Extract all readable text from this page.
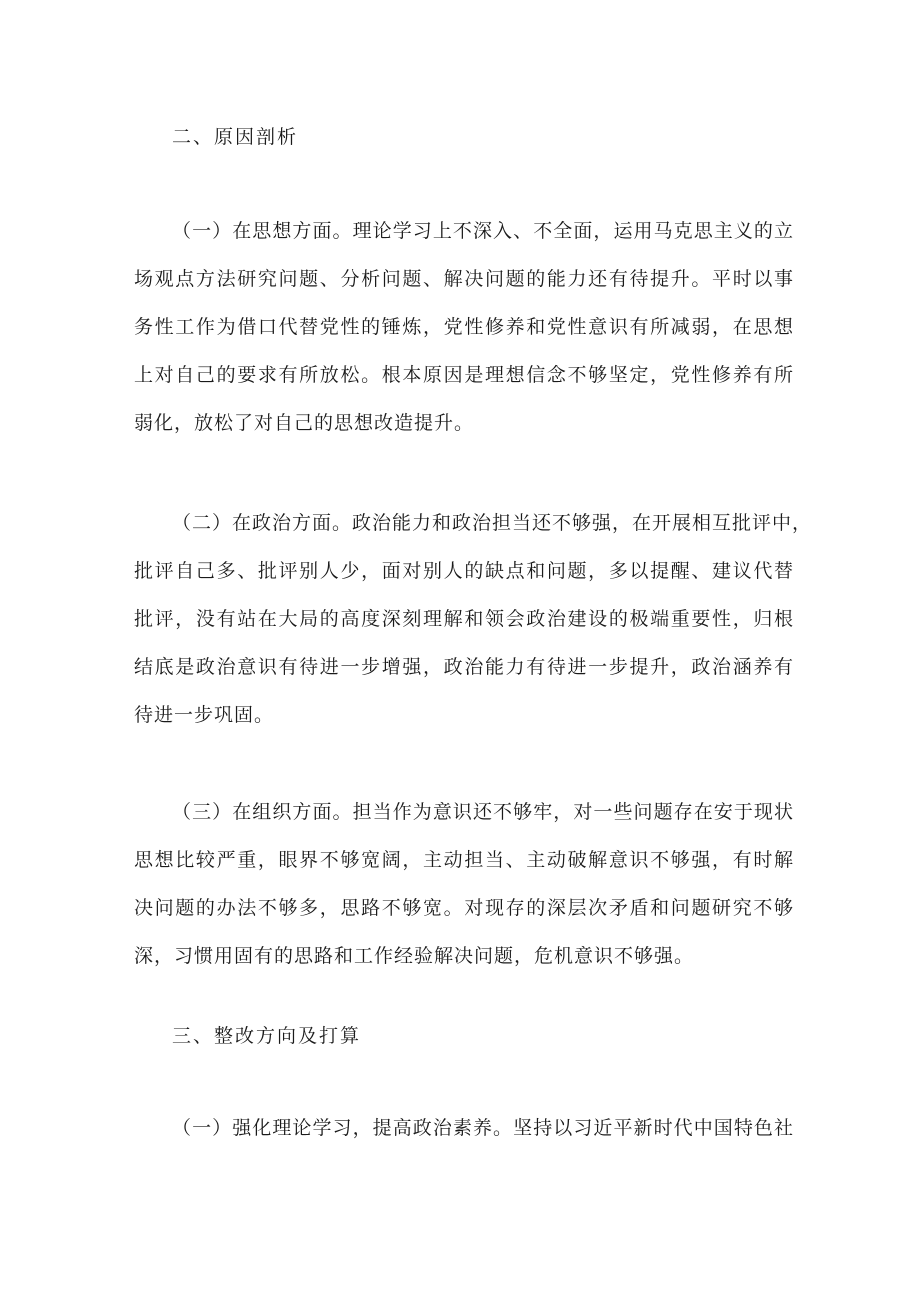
二、原因剖析
（一）在思想方面。理论学习上不深入、不全面，运用马克思主义的立
场观点方法研究问题、分析问题、解决问题的能力还有待提升。平时以事
务性工作为借口代替党性的锤炼，党性修养和党性意识有所减弱，在思想
上对自己的要求有所放松。根本原因是理想信念不够坚定，党性修养有所
弱化，放松了对自己的思想改造提升。
（二）在政治方面。政治能力和政治担当还不够强，在开展相互批评中，
批评自己多、批评别人少，面对别人的缺点和问题，多以提醒、建议代替
批评，没有站在大局的高度深刻理解和领会政治建设的极端重要性，归根
结底是政治意识有待进一步增强，政治能力有待进一步提升，政治涵养有
待进一步巩固。
（三）在组织方面。担当作为意识还不够牢，对一些问题存在安于现状
思想比较严重，眼界不够宽阔，主动担当、主动破解意识不够强，有时解
决问题的办法不够多，思路不够宽。对现存的深层次矛盾和问题研究不够
深，习惯用固有的思路和工作经验解决问题，危机意识不够强。
三、整改方向及打算
（一）强化理论学习，提高政治素养。坚持以习近平新时代中国特色社
